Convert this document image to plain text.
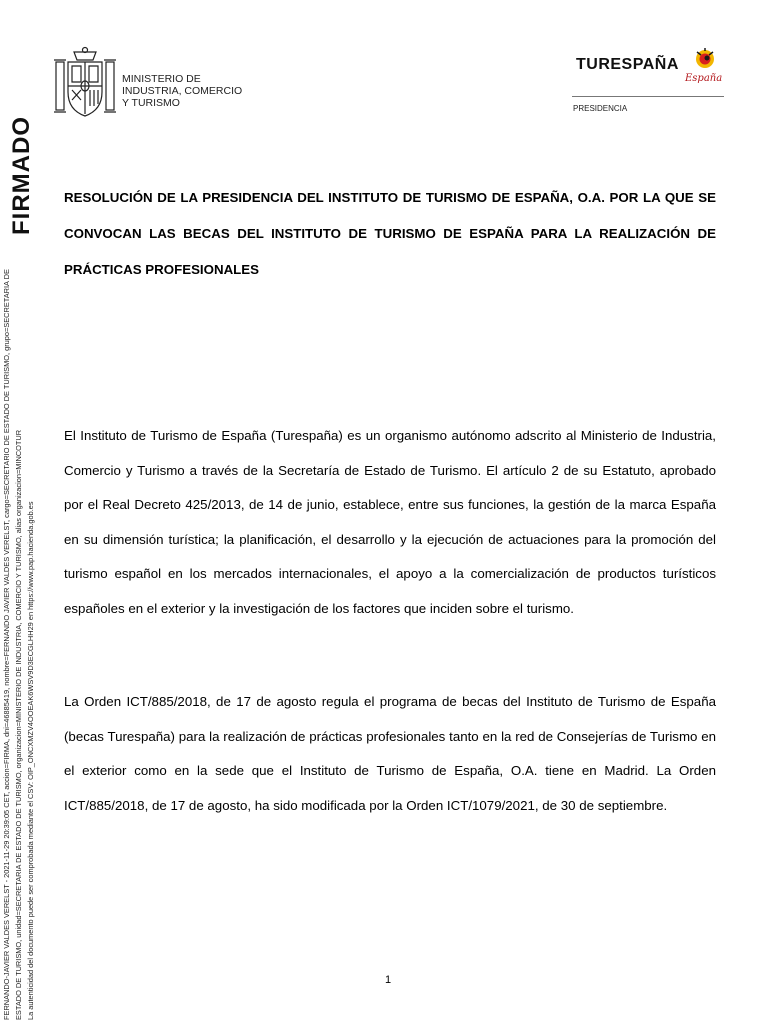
FIRMADO
FERNANDO-JAVIER VALDES VERELST - 2021-11-29 20:39:05 CET, accion=FIRMA, dni=46885419, nombre=FERNANDO JAVIER VALDES VERELST, cargo=SECRETARIO DE ESTADO DE TURISMO, grupo=SECRETARIA DE ESTADO DE TURISMO, unidad=SECRETARIA DE ESTADO DE TURISMO, organizacion=MINISTERIO DE INDUSTRIA, COMERCIO Y TURISMO, alias organizacion=MINCOTUR La autenticidad del documento puede ser comprobada mediante el CSV: OIP_ONCXMZV4OOEAK6WSV9D3ECGLHH29 en https://www.pap.hacienda.gob.es
MINISTERIO DE
INDUSTRIA, COMERCIO
Y TURISMO
TURESPAÑA
España
PRESIDENCIA
RESOLUCIÓN DE LA PRESIDENCIA DEL INSTITUTO DE TURISMO DE ESPAÑA, O.A. POR LA QUE SE CONVOCAN LAS BECAS DEL INSTITUTO DE TURISMO DE ESPAÑA PARA LA REALIZACIÓN DE PRÁCTICAS PROFESIONALES

El Instituto de Turismo de España (Turespaña) es un organismo autónomo adscrito al Ministerio de Industria, Comercio y Turismo a través de la Secretaría de Estado de Turismo. El artículo 2 de su Estatuto, aprobado por el Real Decreto 425/2013, de 14 de junio, establece, entre sus funciones, la gestión de la marca España en su dimensión turística; la planificación, el desarrollo y la ejecución de actuaciones para la promoción del turismo español en los mercados internacionales, el apoyo a la comercialización de productos turísticos españoles en el exterior y la investigación de los factores que inciden sobre el turismo.

La Orden ICT/885/2018, de 17 de agosto regula el programa de becas del Instituto de Turismo de España (becas Turespaña) para la realización de prácticas profesionales tanto en la red de Consejerías de Turismo en el exterior como en la sede que el Instituto de Turismo de España, O.A. tiene en Madrid. La Orden ICT/885/2018, de 17 de agosto, ha sido modificada por la Orden ICT/1079/2021, de 30 de septiembre.

1
